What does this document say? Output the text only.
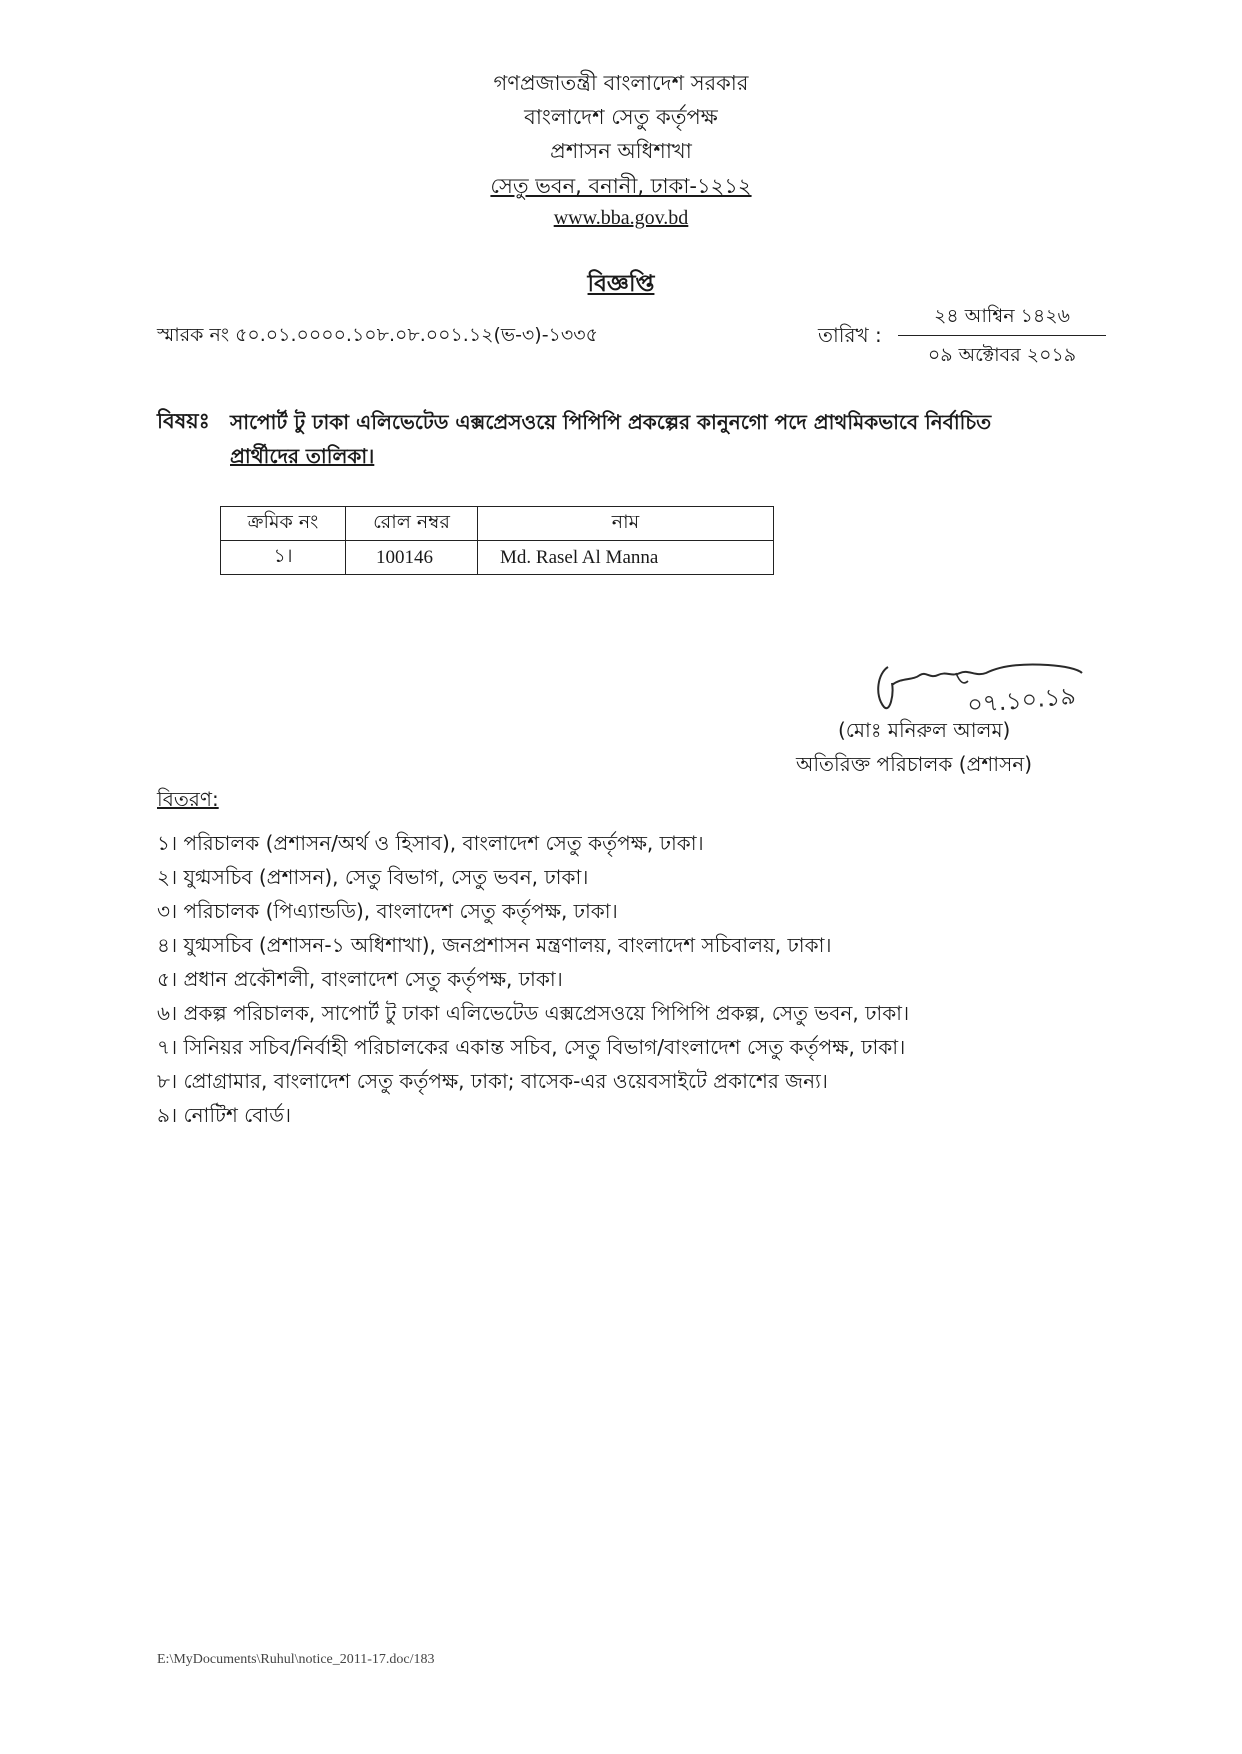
গণপ্রজাতন্ত্রী বাংলাদেশ সরকার
বাংলাদেশ সেতু কর্তৃপক্ষ
প্রশাসন অধিশাখা
সেতু ভবন, বনানী, ঢাকা-১২১২
www.bba.gov.bd
বিজ্ঞপ্তি
স্মারক নং ৫০.০১.০০০০.১০৮.০৮.০০১.১২(ভ-৩)-১৩৩৫	তারিখ :
২৪ আশ্বিন ১৪২৬
০৯ অক্টোবর ২০১৯
বিষয়ঃ সাপোর্ট টু ঢাকা এলিভেটেড এক্সপ্রেসওয়ে পিপিপি প্রকল্পের কানুনগো পদে প্রাথমিকভাবে নির্বাচিত
প্রার্থীদের তালিকা।
ক্রমিক নং	রোল নম্বর	নাম
১।	100146	Md. Rasel Al Manna
০৭.১০.১৯
(মোঃ মনিরুল আলম)
অতিরিক্ত পরিচালক (প্রশাসন)
বিতরণ:
১। পরিচালক (প্রশাসন/অর্থ ও হিসাব), বাংলাদেশ সেতু কর্তৃপক্ষ, ঢাকা।
২। যুগ্মসচিব (প্রশাসন), সেতু বিভাগ, সেতু ভবন, ঢাকা।
৩। পরিচালক (পিএ্যান্ডডি), বাংলাদেশ সেতু কর্তৃপক্ষ, ঢাকা।
৪। যুগ্মসচিব (প্রশাসন-১ অধিশাখা), জনপ্রশাসন মন্ত্রণালয়, বাংলাদেশ সচিবালয়, ঢাকা।
৫। প্রধান প্রকৌশলী, বাংলাদেশ সেতু কর্তৃপক্ষ, ঢাকা।
৬। প্রকল্প পরিচালক, সাপোর্ট টু ঢাকা এলিভেটেড এক্সপ্রেসওয়ে পিপিপি প্রকল্প, সেতু ভবন, ঢাকা।
৭। সিনিয়র সচিব/নির্বাহী পরিচালকের একান্ত সচিব, সেতু বিভাগ/বাংলাদেশ সেতু কর্তৃপক্ষ, ঢাকা।
৮। প্রোগ্রামার, বাংলাদেশ সেতু কর্তৃপক্ষ, ঢাকা; বাসেক-এর ওয়েবসাইটে প্রকাশের জন্য।
৯। নোটিশ বোর্ড।
E:\MyDocuments\Ruhul\notice_2011-17.doc/183
